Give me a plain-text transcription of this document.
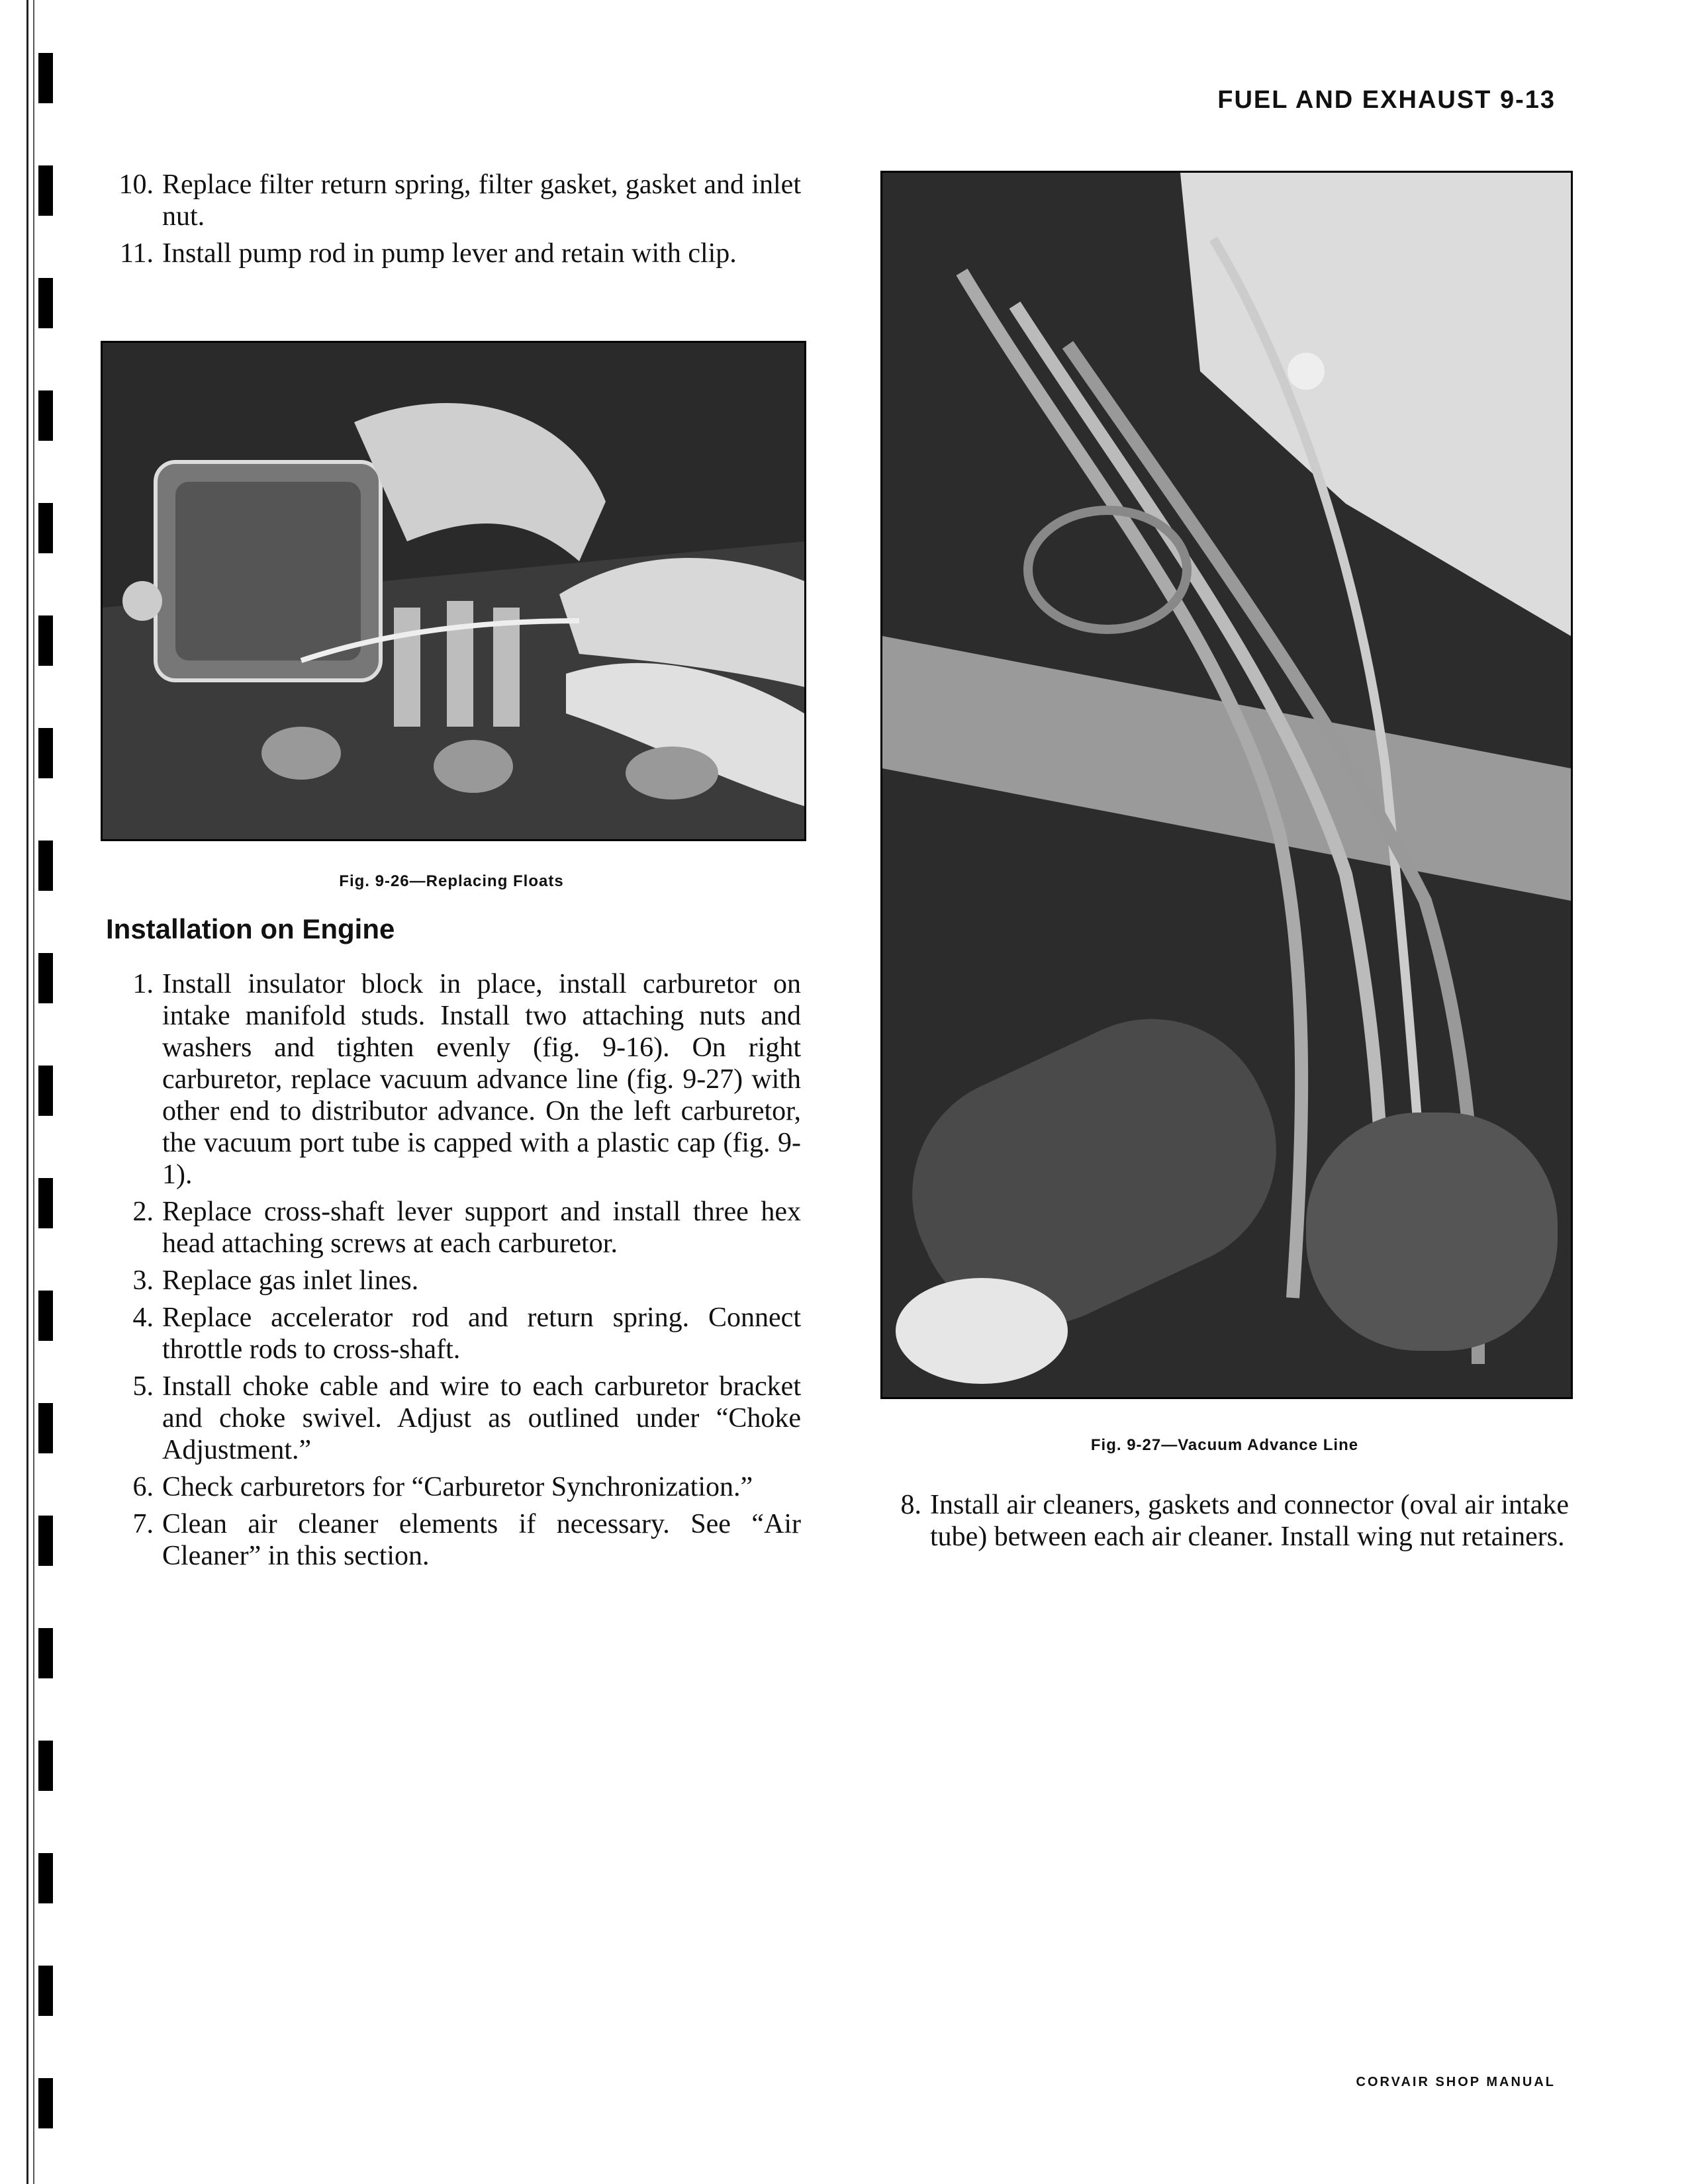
FUEL AND EXHAUST 9-13
10. Replace filter return spring, filter gasket, gasket and inlet nut.
11. Install pump rod in pump lever and retain with clip.
Fig. 9-26—Replacing Floats
Installation on Engine
1. Install insulator block in place, install carburetor on intake manifold studs. Install two attaching nuts and washers and tighten evenly (fig. 9-16). On right carburetor, replace vacuum advance line (fig. 9-27) with other end to distributor advance. On the left carburetor, the vacuum port tube is capped with a plastic cap (fig. 9-1).
2. Replace cross-shaft lever support and install three hex head attaching screws at each carburetor.
3. Replace gas inlet lines.
4. Replace accelerator rod and return spring. Connect throttle rods to cross-shaft.
5. Install choke cable and wire to each carburetor bracket and choke swivel. Adjust as outlined under “Choke Adjustment.”
6. Check carburetors for “Carburetor Synchronization.”
7. Clean air cleaner elements if necessary. See “Air Cleaner” in this section.
Fig. 9-27—Vacuum Advance Line
8. Install air cleaners, gaskets and connector (oval air intake tube) between each air cleaner. Install wing nut retainers.
CORVAIR SHOP MANUAL
